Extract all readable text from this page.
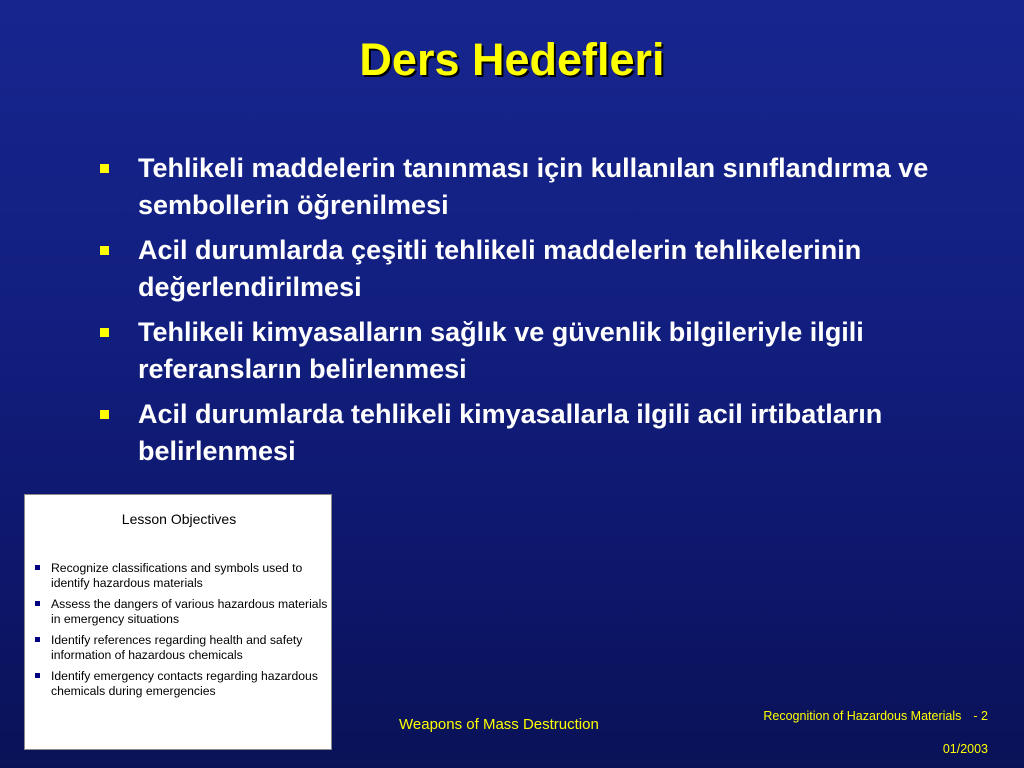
Ders Hedefleri
Tehlikeli maddelerin tanınması için kullanılan sınıflandırma ve sembollerin öğrenilmesi
Acil durumlarda çeşitli tehlikeli maddelerin tehlikelerinin değerlendirilmesi
Tehlikeli kimyasalların sağlık ve güvenlik bilgileriyle ilgili referansların belirlenmesi
Acil durumlarda tehlikeli kimyasallarla ilgili acil irtibatların belirlenmesi
Lesson Objectives
Recognize classifications and symbols used to identify hazardous materials
Assess the dangers of various hazardous materials in emergency situations
Identify references regarding health and safety information of hazardous chemicals
Identify emergency contacts regarding hazardous chemicals during emergencies
Weapons of Mass Destruction	Recognition of Hazardous Materials - 2
01/2003
